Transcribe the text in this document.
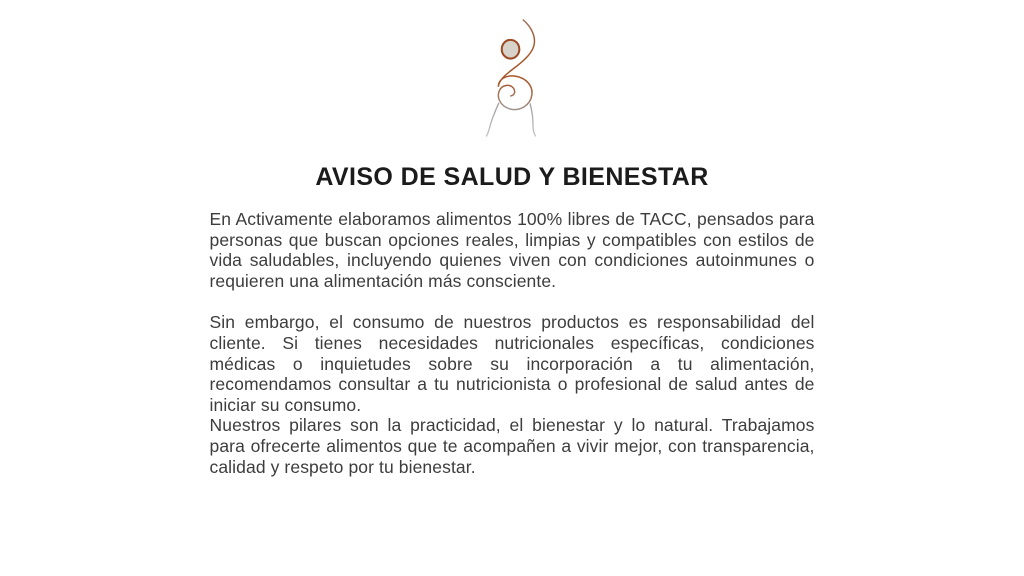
AVISO DE SALUD Y BIENESTAR

En Activamente elaboramos alimentos 100% libres de TACC, pensados para personas que buscan opciones reales, limpias y compatibles con estilos de vida saludables, incluyendo quienes viven con condiciones autoinmunes o requieren una alimentación más consciente.

Sin embargo, el consumo de nuestros productos es responsabilidad del cliente. Si tienes necesidades nutricionales específicas, condiciones médicas o inquietudes sobre su incorporación a tu alimentación, recomendamos consultar a tu nutricionista o profesional de salud antes de iniciar su consumo.

Nuestros pilares son la practicidad, el bienestar y lo natural. Trabajamos para ofrecerte alimentos que te acompañen a vivir mejor, con transparencia, calidad y respeto por tu bienestar.
